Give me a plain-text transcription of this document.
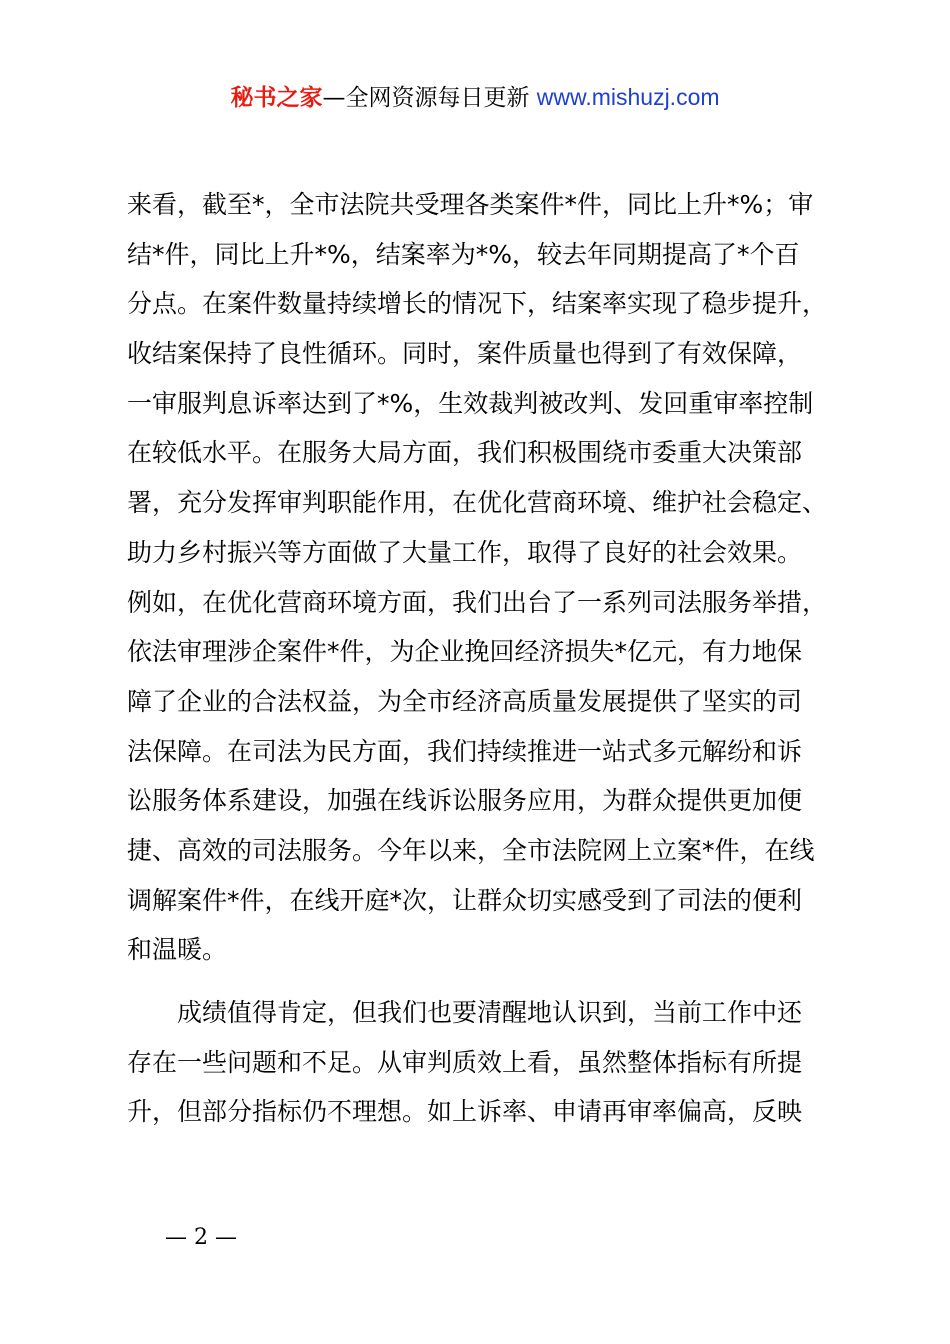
秘书之家—全网资源每日更新 www.mishuzj.com
来看，截至*，全市法院共受理各类案件*件，同比上升*%；审
结*件，同比上升*%，结案率为*%，较去年同期提高了*个百
分点。在案件数量持续增长的情况下，结案率实现了稳步提升，
收结案保持了良性循环。同时，案件质量也得到了有效保障，
一审服判息诉率达到了*%，生效裁判被改判、发回重审率控制
在较低水平。在服务大局方面，我们积极围绕市委重大决策部
署，充分发挥审判职能作用，在优化营商环境、维护社会稳定、
助力乡村振兴等方面做了大量工作，取得了良好的社会效果。
例如，在优化营商环境方面，我们出台了一系列司法服务举措，
依法审理涉企案件*件，为企业挽回经济损失*亿元，有力地保
障了企业的合法权益，为全市经济高质量发展提供了坚实的司
法保障。在司法为民方面，我们持续推进一站式多元解纷和诉
讼服务体系建设，加强在线诉讼服务应用，为群众提供更加便
捷、高效的司法服务。今年以来，全市法院网上立案*件，在线
调解案件*件，在线开庭*次，让群众切实感受到了司法的便利
和温暖。
　　成绩值得肯定，但我们也要清醒地认识到，当前工作中还
存在一些问题和不足。从审判质效上看，虽然整体指标有所提
升，但部分指标仍不理想。如上诉率、申请再审率偏高，反映
— 2 —
